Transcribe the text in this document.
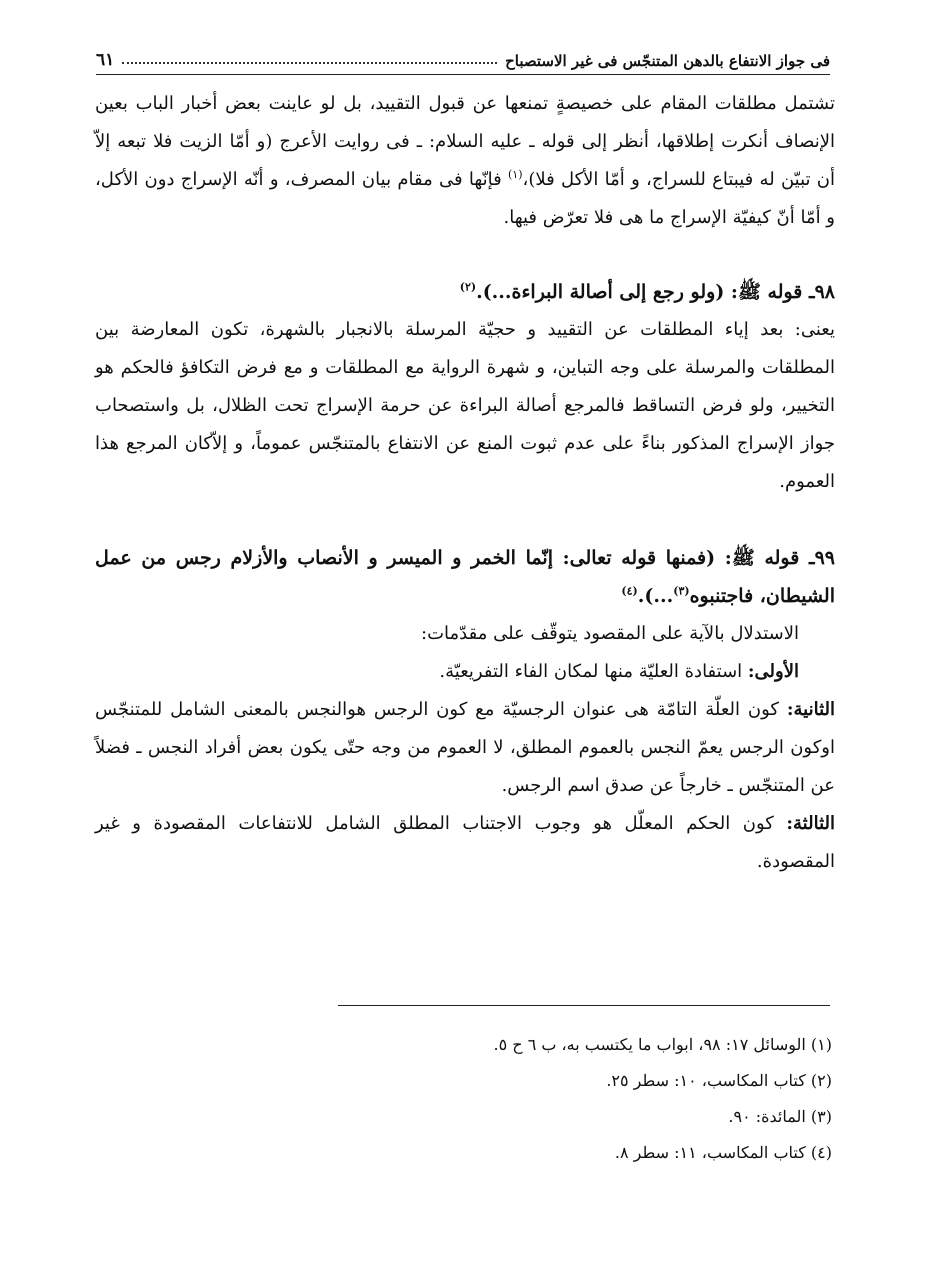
فی جواز الانتفاع بالدهن المتنجّس فی غیر الاستصباح
٦١

تشتمل مطلقات المقام علی خصیصةٍ تمنعها عن قبول التقیید، بل لو عاینت بعض أخبار الباب بعین الإنصاف أنکرت إطلاقها، أنظر إلی قوله ـ علیه السلام: ـ فی روایت الأعرج (و أمّا الزیت فلا تبعه إلاّ أن تبیّن له فیبتاع للسراج، و أمّا الأکل فلا)،$^{(١)}$ فإنّها فی مقام بیان المصرف، و أنّه الإسراج دون الأکل، و أمّا أنّ کیفیّة الإسراج ما هی فلا تعرّض فیها.

٩٨ـ قوله ﷺ: (ولو رجع إلی أصالة البراءة...).$^{(٢)}$

یعنی: بعد إیاء المطلقات عن التقیید و حجیّة المرسلة بالانجبار بالشهرة، تکون المعارضة بین المطلقات والمرسلة علی وجه التباین، و شهرة الروایة مع المطلقات و مع فرض التکافؤ فالحکم هو التخییر، ولو فرض التساقط فالمرجع أصالة البراءة عن حرمة الإسراج تحت الظلال، بل واستصحاب جواز الإسراج المذکور بناءً علی عدم ثبوت المنع عن الانتفاع بالمتنجّس عموماً، و إلاّکان المرجع هذا العموم.

٩٩ـ قوله ﷺ: (فمنها قوله تعالی: إنّما الخمر و المیسر و الأنصاب والأزلام رجس من عمل الشیطان، فاجتنبوه$^{(٣)}$...).$^{(٤)}$

الاستدلال بالآیة علی المقصود یتوقّف علی مقدّمات:

الأولی: استفادة العلیّة منها لمکان الفاء التفریعیّة.

الثانیة: کون العلّة التامّة هی عنوان الرجسیّة مع کون الرجس هوالنجس بالمعنی الشامل للمتنجّس اوکون الرجس یعمّ النجس بالعموم المطلق، لا العموم من وجه حتّی یکون بعض أفراد النجس ـ فضلاً عن المتنجّس ـ خارجاً عن صدق اسم الرجس.

الثالثة: کون الحکم المعلّل هو وجوب الاجتناب المطلق الشامل للانتفاعات المقصودة و غیر المقصودة.

(١) الوسائل ١٧: ٩٨، ابواب ما یکتسب به، ب ٦ ح ٥.
(٢) کتاب المکاسب، ١٠: سطر ٢٥.
(٣) المائدة: ٩٠.
(٤) کتاب المکاسب، ١١: سطر ٨.
